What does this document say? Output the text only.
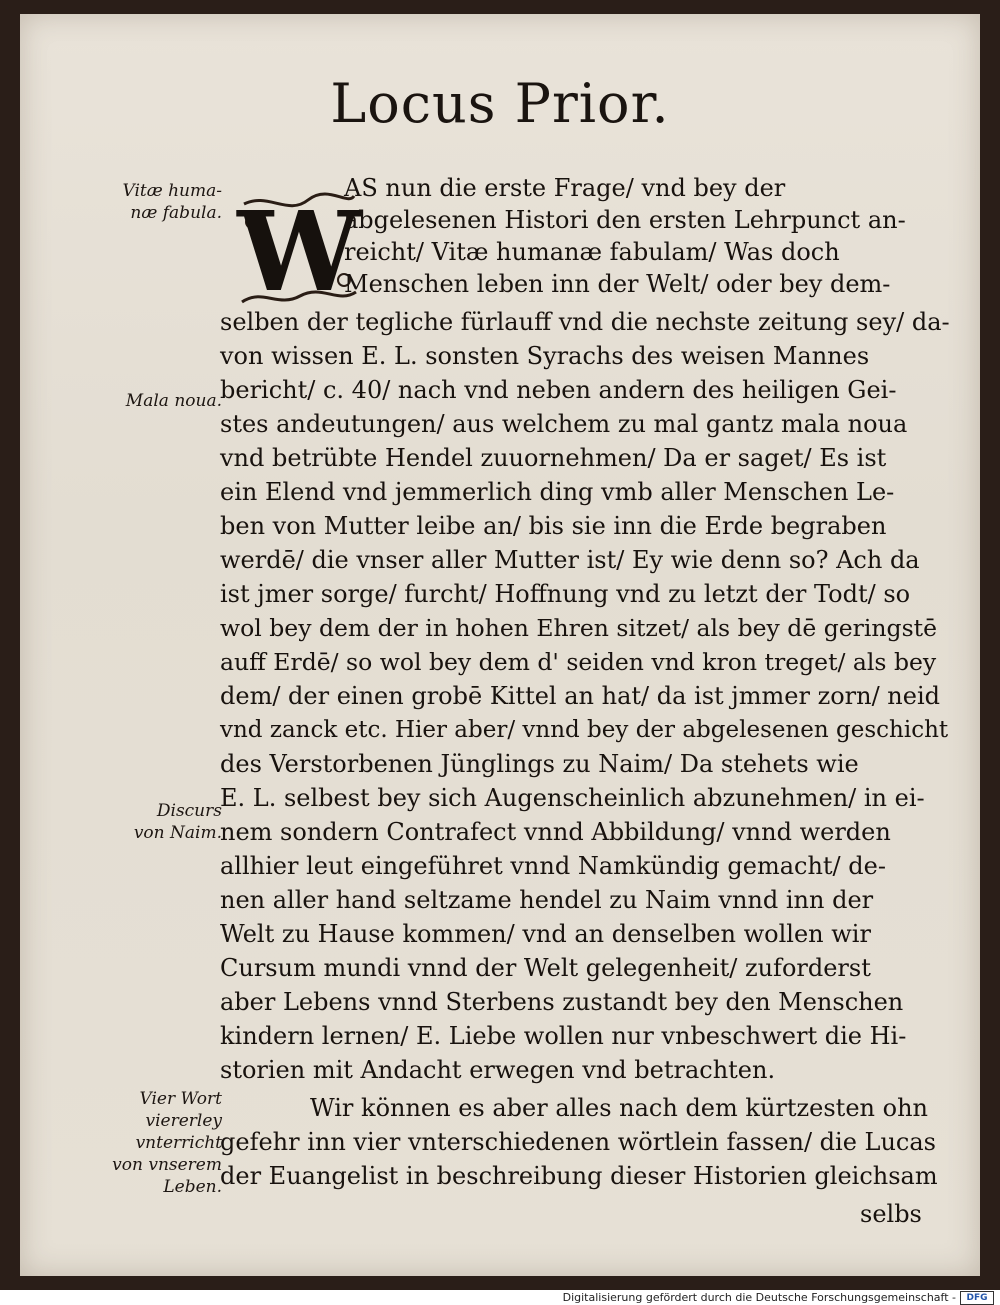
Locus Prior.
Vitæ huma-
næ fabula.
Mala noua.
Discurs
von Naim.
Vier Wort
viererley
vnterricht
von vnserem
Leben.
W
AS nun die erste Frage/ vnd bey der
abgelesenen Histori den ersten Lehrpunct an-
reicht/ Vitæ humanæ fabulam/ Was doch
Menschen leben inn der Welt/ oder bey dem-
selben der tegliche fürlauff vnd die nechste zeitung sey/ da-
von wissen E. L. sonsten Syrachs des weisen Mannes
bericht/ c. 40/ nach vnd neben andern des heiligen Gei-
stes andeutungen/ aus welchem zu mal gantz mala noua
vnd betrübte Hendel zuuornehmen/ Da er saget/ Es ist
ein Elend vnd jemmerlich ding vmb aller Menschen Le-
ben von Mutter leibe an/ bis sie inn die Erde begraben
werdē/ die vnser aller Mutter ist/ Ey wie denn so? Ach da
ist jmer sorge/ furcht/ Hoffnung vnd zu letzt der Todt/ so
wol bey dem der in hohen Ehren sitzet/ als bey dē geringstē
auff Erdē/ so wol bey dem d' seiden vnd kron treget/ als bey
dem/ der einen grobē Kittel an hat/ da ist jmmer zorn/ neid
vnd zanck etc. Hier aber/ vnnd bey der abgelesenen geschicht
des Verstorbenen Jünglings zu Naim/ Da stehets wie
E. L. selbest bey sich Augenscheinlich abzunehmen/ in ei-
nem sondern Contrafect vnnd Abbildung/ vnnd werden
allhier leut eingeführet vnnd Namkündig gemacht/ de-
nen aller hand seltzame hendel zu Naim vnnd inn der
Welt zu Hause kommen/ vnd an denselben wollen wir
Cursum mundi vnnd der Welt gelegenheit/ zuforderst
aber Lebens vnnd Sterbens zustandt bey den Menschen
kindern lernen/ E. Liebe wollen nur vnbeschwert die Hi-
storien mit Andacht erwegen vnd betrachten.
Wir können es aber alles nach dem kürtzesten ohn
gefehr inn vier vnterschiedenen wörtlein fassen/ die Lucas
der Euangelist in beschreibung dieser Historien gleichsam
selbs
Digitalisierung gefördert durch die Deutsche Forschungsgemeinschaft -	DFG
